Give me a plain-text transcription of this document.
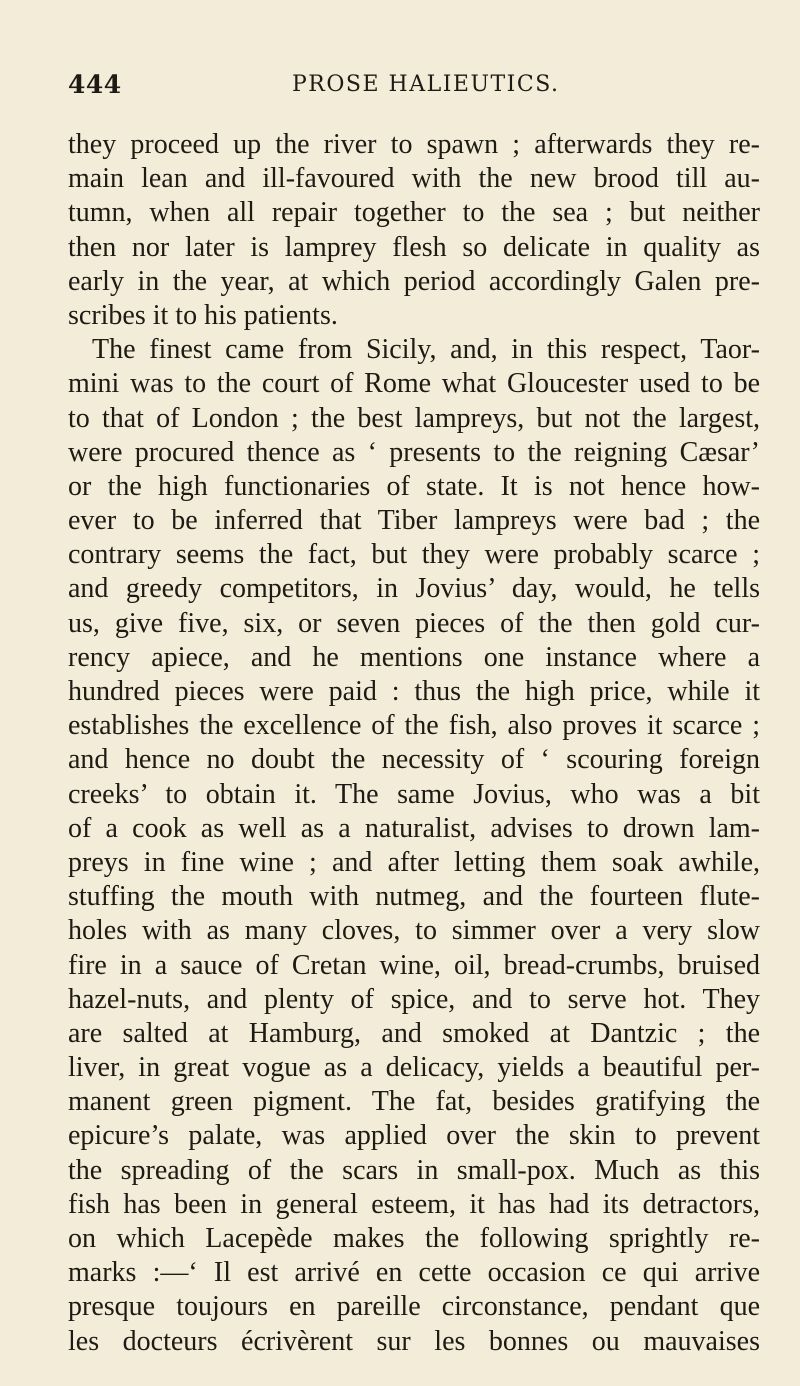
444	PROSE HALIEUTICS.
they proceed up the river to spawn ; afterwards they re-
main lean and ill-favoured with the new brood till au-
tumn, when all repair together to the sea ; but neither
then nor later is lamprey flesh so delicate in quality as
early in the year, at which period accordingly Galen pre-
scribes it to his patients.
The finest came from Sicily, and, in this respect, Taor-
mini was to the court of Rome what Gloucester used to be
to that of London ; the best lampreys, but not the largest,
were procured thence as ‘ presents to the reigning Cæsar’
or the high functionaries of state. It is not hence how-
ever to be inferred that Tiber lampreys were bad ; the
contrary seems the fact, but they were probably scarce ;
and greedy competitors, in Jovius’ day, would, he tells
us, give five, six, or seven pieces of the then gold cur-
rency apiece, and he mentions one instance where a
hundred pieces were paid : thus the high price, while it
establishes the excellence of the fish, also proves it scarce ;
and hence no doubt the necessity of ‘ scouring foreign
creeks’ to obtain it. The same Jovius, who was a bit
of a cook as well as a naturalist, advises to drown lam-
preys in fine wine ; and after letting them soak awhile,
stuffing the mouth with nutmeg, and the fourteen flute-
holes with as many cloves, to simmer over a very slow
fire in a sauce of Cretan wine, oil, bread-crumbs, bruised
hazel-nuts, and plenty of spice, and to serve hot. They
are salted at Hamburg, and smoked at Dantzic ; the
liver, in great vogue as a delicacy, yields a beautiful per-
manent green pigment. The fat, besides gratifying the
epicure’s palate, was applied over the skin to prevent
the spreading of the scars in small-pox. Much as this
fish has been in general esteem, it has had its detractors,
on which Lacepède makes the following sprightly re-
marks :—‘ Il est arrivé en cette occasion ce qui arrive
presque toujours en pareille circonstance, pendant que
les docteurs écrivèrent sur les bonnes ou mauvaises
